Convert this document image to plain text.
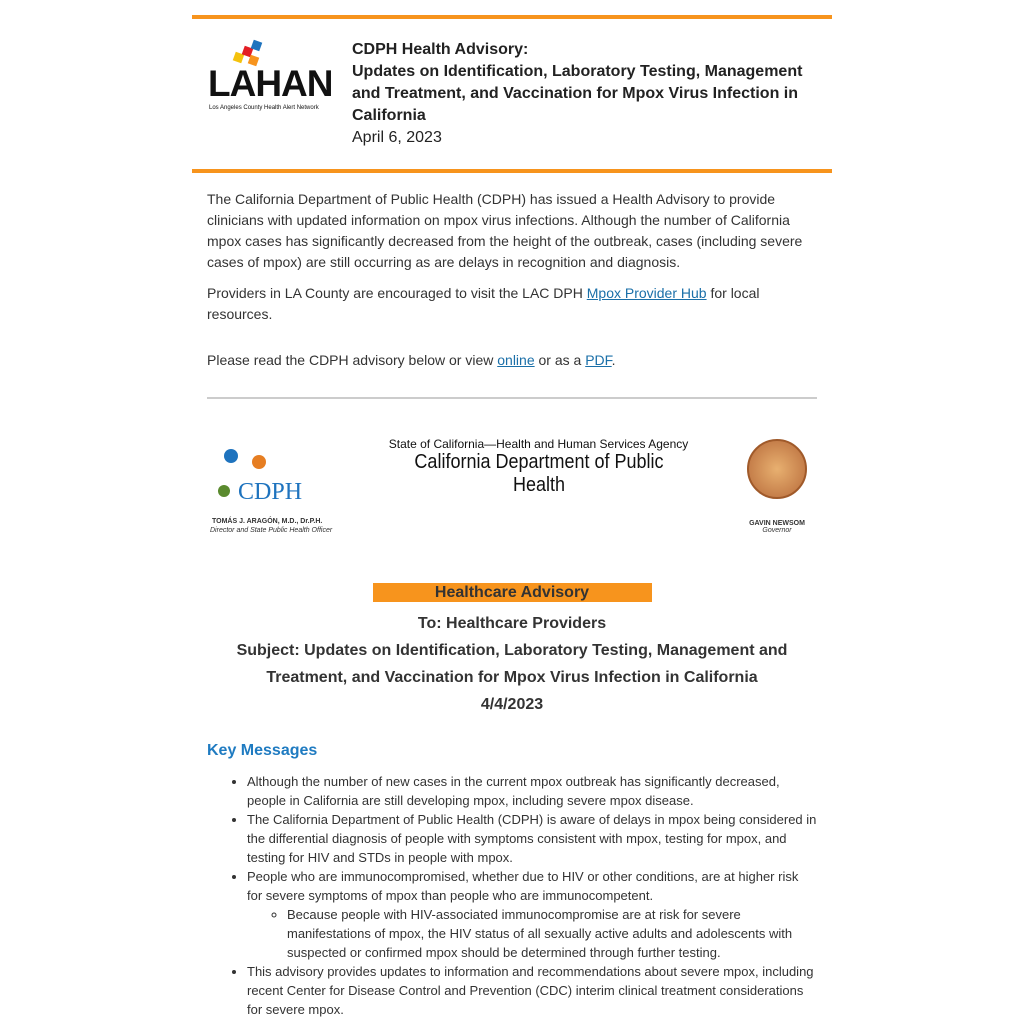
LAHAN
Los Angeles County Health Alert Network
CDPH Health Advisory:
Updates on Identification, Laboratory Testing, Management and Treatment, and Vaccination for Mpox Virus Infection in California
April 6, 2023

The California Department of Public Health (CDPH) has issued a Health Advisory to provide clinicians with updated information on mpox virus infections. Although the number of California mpox cases has significantly decreased from the height of the outbreak, cases (including severe cases of mpox) are still occurring as are delays in recognition and diagnosis.

Providers in LA County are encouraged to visit the LAC DPH Mpox Provider Hub for local resources.

Please read the CDPH advisory below or view online or as a PDF.

CDPH
TOMÁS J. ARAGÓN, M.D., Dr.P.H.
Director and State Public Health Officer
State of California—Health and Human Services Agency
California Department of Public Health
GAVIN NEWSOM
Governor
Healthcare Advisory
To: Healthcare Providers
Subject: Updates on Identification, Laboratory Testing, Management and Treatment, and Vaccination for Mpox Virus Infection in California
4/4/2023
Key Messages
• Although the number of new cases in the current mpox outbreak has significantly decreased, people in California are still developing mpox, including severe mpox disease.
• The California Department of Public Health (CDPH) is aware of delays in mpox being considered in the differential diagnosis of people with symptoms consistent with mpox, testing for mpox, and testing for HIV and STDs in people with mpox.
• People who are immunocompromised, whether due to HIV or other conditions, are at higher risk for severe symptoms of mpox than people who are immunocompetent.
◦ Because people with HIV-associated immunocompromise are at risk for severe manifestations of mpox, the HIV status of all sexually active adults and adolescents with suspected or confirmed mpox should be determined through further testing.
• This advisory provides updates to information and recommendations about severe mpox, including recent Center for Disease Control and Prevention (CDC) interim clinical treatment considerations for severe mpox.
